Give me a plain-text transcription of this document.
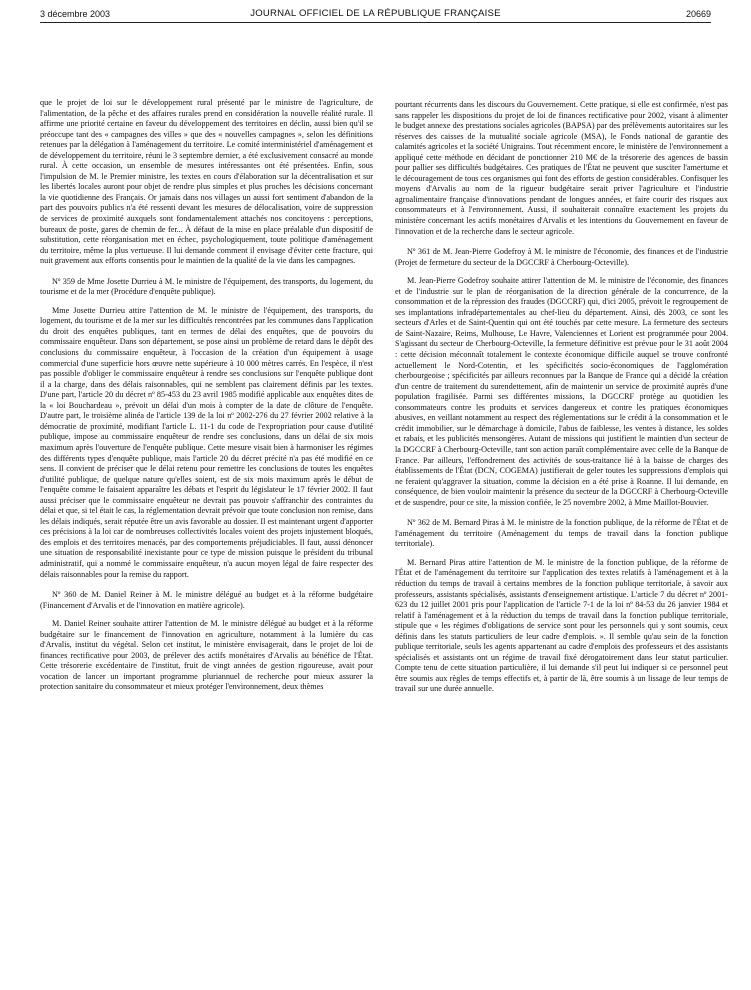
3 décembre 2003	JOURNAL OFFICIEL DE LA RÉPUBLIQUE FRANÇAISE	20669

que le projet de loi sur le développement rural présenté par le ministre de l'agriculture, de l'alimentation, de la pêche et des affaires rurales prend en considération la nouvelle réalité rurale. Il affirme une priorité certaine en faveur du développement des territoires en déclin, aussi bien qu'il se préoccupe tant des « campagnes des villes » que des « nouvelles campagnes », selon les définitions retenues par la délégation à l'aménagement du territoire. Le comité interministériel d'aménagement et de développement du territoire, réuni le 3 septembre dernier, a été exclusivement consacré au monde rural. À cette occasion, un ensemble de mesures intéressantes ont été présentées. Enfin, sous l'impulsion de M. le Premier ministre, les textes en cours d'élaboration sur la décentralisation et sur les libertés locales auront pour objet de rendre plus simples et plus proches les décisions concernant la vie quotidienne des Français. Or jamais dans nos villages un aussi fort sentiment d'abandon de la part des pouvoirs publics n'a été ressenti devant les mesures de délocalisation, voire de suppression de services de proximité auxquels sont fondamentalement attachés nos concitoyens : perceptions, bureaux de poste, gares de chemin de fer... À défaut de la mise en place préalable d'un dispositif de substitution, cette réorganisation met en échec, psychologiquement, toute politique d'aménagement du territoire, même la plus vertueuse. Il lui demande comment il envisage d'éviter cette fracture, qui nuit gravement aux efforts consentis pour le maintien de la qualité de la vie dans les campagnes.

Nº 359 de Mme Josette Durrieu à M. le ministre de l'équipement, des transports, du logement, du tourisme et de la mer (Procédure d'enquête publique).

Mme Josette Durrieu attire l'attention de M. le ministre de l'équipement, des transports, du logement, du tourisme et de la mer sur les difficultés rencontrées par les communes dans l'application du droit des enquêtes publiques, tant en termes de délai des enquêtes, que de pouvoirs du commissaire enquêteur. Dans son département, se pose ainsi un problème de retard dans le dépôt des conclusions du commissaire enquêteur, à l'occasion de la création d'un équipement à usage commercial d'une superficie hors œuvre nette supérieure à 10 000 mètres carrés. En l'espèce, il n'est pas possible d'obliger le commissaire enquêteur à rendre ses conclusions sur l'enquête publique dont il a la charge, dans des délais raisonnables, qui ne semblent pas clairement définis par les textes. D'une part, l'article 20 du décret nº 85-453 du 23 avril 1985 modifié applicable aux enquêtes dites de la « loi Bouchardeau », prévoit un délai d'un mois à compter de la date de clôture de l'enquête. D'autre part, le troisième alinéa de l'article 139 de la loi nº 2002-276 du 27 février 2002 relative à la démocratie de proximité, modifiant l'article L. 11-1 du code de l'expropriation pour cause d'utilité publique, impose au commissaire enquêteur de rendre ses conclusions, dans un délai de six mois maximum après l'ouverture de l'enquête publique. Cette mesure visait bien à harmoniser les régimes des différents types d'enquête publique, mais l'article 20 du décret précité n'a pas été modifié en ce sens. Il convient de préciser que le délai retenu pour remettre les conclusions de toutes les enquêtes d'utilité publique, de quelque nature qu'elles soient, est de six mois maximum après le début de l'enquête comme le faisaient apparaître les débats et l'esprit du législateur le 17 février 2002. Il faut aussi préciser que le commissaire enquêteur ne devrait pas pouvoir s'affranchir des contraintes du délai et que, si tel était le cas, la réglementation devrait prévoir que toute conclusion non remise, dans les délais indiqués, serait réputée être un avis favorable au dossier. Il est maintenant urgent d'apporter ces précisions à la loi car de nombreuses collectivités locales voient des projets injustement bloqués, des emplois et des territoires menacés, par des comportements préjudiciables. Il faut, aussi dénoncer une situation de responsabilité inexistante pour ce type de mission puisque le président du tribunal administratif, qui a nommé le commissaire enquêteur, n'a aucun moyen légal de faire respecter des délais raisonnables pour la remise du rapport.

Nº 360 de M. Daniel Reiner à M. le ministre délégué au budget et à la réforme budgétaire (Financement d'Arvalis et de l'innovation en matière agricole).

M. Daniel Reiner souhaite attirer l'attention de M. le ministre délégué au budget et à la réforme budgétaire sur le financement de l'innovation en agriculture, notamment à la lumière du cas d'Arvalis, institut du végétal. Selon cet institut, le ministère envisagerait, dans le projet de loi de finances rectificative pour 2003, de prélever des actifs monétaires d'Arvalis au bénéfice de l'État. Cette trésorerie excédentaire de l'institut, fruit de vingt années de gestion rigoureuse, avait pour vocation de lancer un important programme pluriannuel de recherche pour mieux assurer la protection sanitaire du consommateur et mieux protéger l'environnement, deux thèmes

pourtant récurrents dans les discours du Gouvernement. Cette pratique, si elle est confirmée, n'est pas sans rappeler les dispositions du projet de loi de finances rectificative pour 2002, visant à alimenter le budget annexe des prestations sociales agricoles (BAPSA) par des prélèvements autoritaires sur les réserves des caisses de la mutualité sociale agricole (MSA), le Fonds national de garantie des calamités agricoles et la société Unigrains. Tout récemment encore, le ministère de l'environnement a appliqué cette méthode en décidant de ponctionner 210 M€ de la trésorerie des agences de bassin pour pallier ses difficultés budgétaires. Ces pratiques de l'État ne peuvent que susciter l'amertume et le découragement de tous ces organismes qui font des efforts de gestion considérables. Confisquer les moyens d'Arvalis au nom de la rigueur budgétaire serait priver l'agriculture et l'industrie agroalimentaire française d'innovations pendant de longues années, et faire courir des risques aux consommateurs et à l'environnement. Aussi, il souhaiterait connaître exactement les projets du ministère concernant les actifs monétaires d'Arvalis et les intentions du Gouvernement en faveur de l'innovation et de la recherche dans le secteur agricole.

Nº 361 de M. Jean-Pierre Godefroy à M. le ministre de l'économie, des finances et de l'industrie (Projet de fermeture du secteur de la DGCCRF à Cherbourg-Octeville).

M. Jean-Pierre Godefroy souhaite attirer l'attention de M. le ministre de l'économie, des finances et de l'industrie sur le plan de réorganisation de la direction générale de la concurrence, de la consommation et de la répression des fraudes (DGCCRF) qui, d'ici 2005, prévoit le regroupement de ses implantations infradépartementales au chef-lieu du département. Ainsi, dès 2003, ce sont les secteurs d'Arles et de Saint-Quentin qui ont été touchés par cette mesure. La fermeture des secteurs de Saint-Nazaire, Reims, Mulhouse, Le Havre, Valenciennes et Lorient est programmée pour 2004. S'agissant du secteur de Cherbourg-Octeville, la fermeture définitive est prévue pour le 31 août 2004 : cette décision méconnaît totalement le contexte économique difficile auquel se trouve confronté actuellement le Nord-Cotentin, et les spécificités socio-économiques de l'agglomération cherbourgeoise ; spécificités par ailleurs reconnues par la Banque de France qui a décidé la création d'un centre de traitement du surendettement, afin de maintenir un service de proximité auprès d'une population fragilisée. Parmi ses différentes missions, la DGCCRF protège au quotidien les consommateurs contre les produits et services dangereux et contre les pratiques économiques abusives, en veillant notamment au respect des réglementations sur le crédit à la consommation et le crédit immobilier, sur le démarchage à domicile, l'abus de faiblesse, les ventes à distance, les soldes et rabais, et les publicités mensongères. Autant de missions qui justifient le maintien d'un secteur de la DGCCRF à Cherbourg-Octeville, tant son action paraît complémentaire avec celle de la Banque de France. Par ailleurs, l'effondrement des activités de sous-traitance lié à la baisse de charges des établissements de l'État (DCN, COGEMA) justifierait de geler toutes les suppressions d'emplois qui ne feraient qu'aggraver la situation, comme la décision en a été prise à Roanne. Il lui demande, en conséquence, de bien vouloir maintenir la présence du secteur de la DGCCRF à Cherbourg-Octeville et de suspendre, pour ce site, la mission confiée, le 25 novembre 2002, à Mme Maillot-Bouvier.

Nº 362 de M. Bernard Piras à M. le ministre de la fonction publique, de la réforme de l'État et de l'aménagement du territoire (Aménagement du temps de travail dans la fonction publique territoriale).

M. Bernard Piras attire l'attention de M. le ministre de la fonction publique, de la réforme de l'État et de l'aménagement du territoire sur l'application des textes relatifs à l'aménagement et à la réduction du temps de travail à certains membres de la fonction publique territoriale, à savoir aux professeurs, assistants spécialisés, assistants d'enseignement artistique. L'article 7 du décret nº 2001-623 du 12 juillet 2001 pris pour l'application de l'article 7-1 de la loi nº 84-53 du 26 janvier 1984 et relatif à l'aménagement et à la réduction du temps de travail dans la fonction publique territoriale, stipule que « les régimes d'obligations de service sont pour les personnels qui y sont soumis, ceux définis dans les statuts particuliers de leur cadre d'emplois. ». Il semble qu'au sein de la fonction publique territoriale, seuls les agents appartenant au cadre d'emplois des professeurs et des assistants spécialisés et assistants ont un régime de travail fixé dérogatoirement dans leur statut particulier. Compte tenu de cette situation particulière, il lui demande s'il peut lui indiquer si ce personnel peut être soumis aux règles de temps effectifs et, à partir de là, être soumis à un lissage de leur temps de travail sur une durée annuelle.
